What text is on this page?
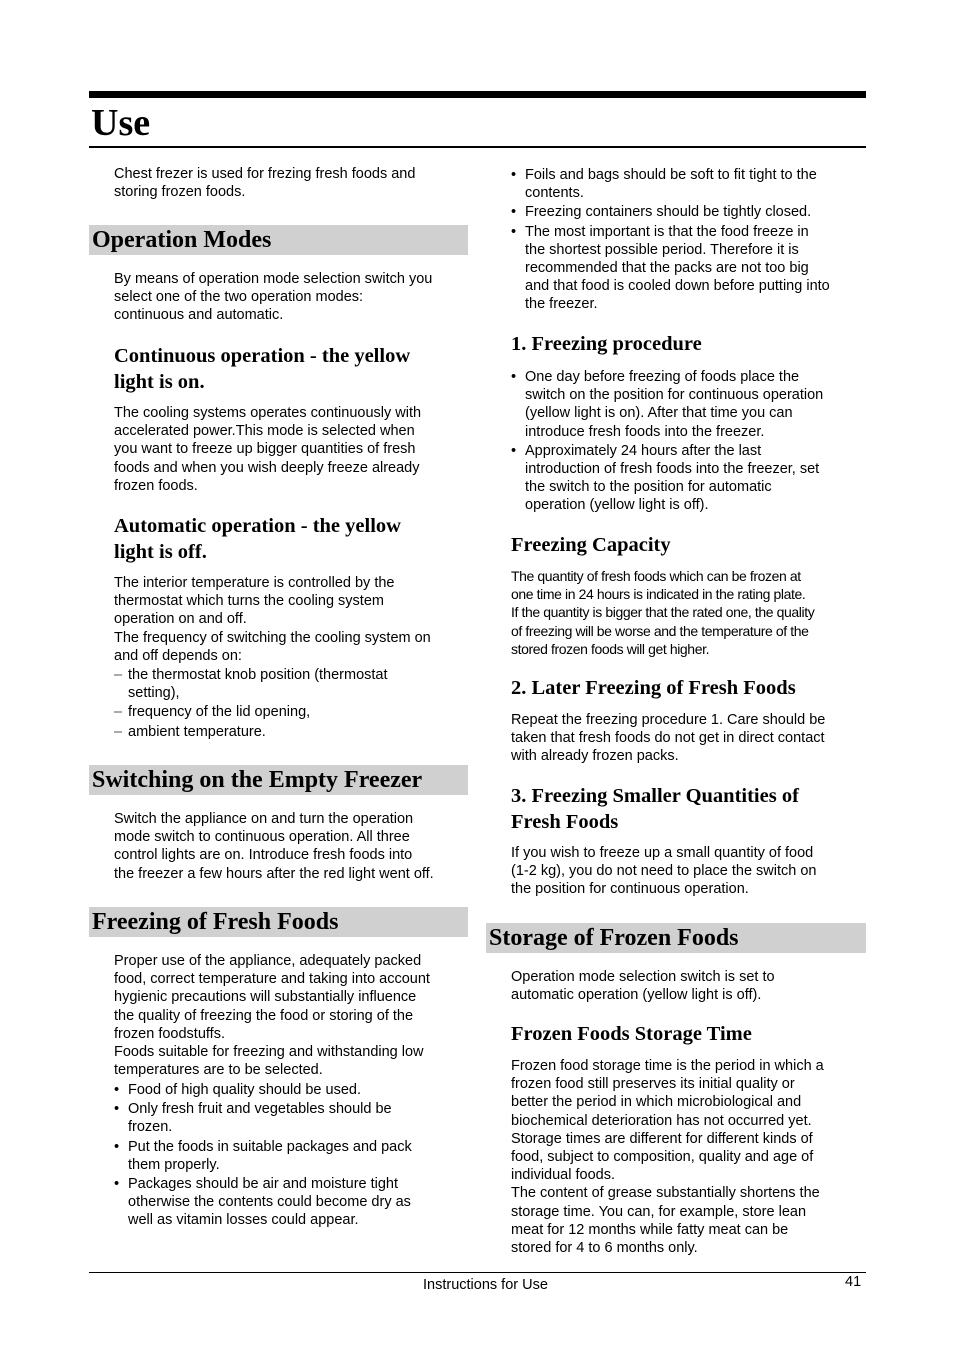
Use

Chest frezer is used for frezing fresh foods and
storing frozen foods.

Operation Modes

By means of operation mode selection switch you
select one of the two operation modes:
continuous and automatic.

Continuous operation - the yellow
light is on.

The cooling systems operates continuously with
accelerated power.This mode is selected when
you want to freeze up bigger quantities of fresh
foods and when you wish deeply freeze already
frozen foods.

Automatic operation - the yellow
light is off.

The interior temperature is controlled by the
thermostat which turns the cooling system
operation on and off.
The frequency of switching the cooling system on
and off depends on:

– the thermostat knob position (thermostat
setting),
– frequency of the lid opening,
– ambient temperature.
Switching on the Empty Freezer

Switch the appliance on and turn the operation
mode switch to continuous operation. All three
control lights are on. Introduce fresh foods into
the freezer a few hours after the red light went off.

Freezing of Fresh Foods

Proper use of the appliance, adequately packed
food, correct temperature and taking into account
hygienic precautions will substantially influence
the quality of freezing the food or storing of the
frozen foodstuffs.
Foods suitable for freezing and withstanding low
temperatures are to be selected.

• Food of high quality should be used.
• Only fresh fruit and vegetables should be
frozen.
• Put the foods in suitable packages and pack
them properly.
• Packages should be air and moisture tight
otherwise the contents could become dry as
well as vitamin losses could appear.
• Foils and bags should be soft to fit tight to the
contents.
• Freezing containers should be tightly closed.
• The most important is that the food freeze in
the shortest possible period. Therefore it is
recommended that the packs are not too big
and that food is cooled down before putting into
the freezer.
1. Freezing procedure
• One day before freezing of foods place the
switch on the position for continuous operation
(yellow light is on). After that time you can
introduce fresh foods into the freezer.
• Approximately 24 hours after the last
introduction of fresh foods into the freezer, set
the switch to the position for automatic
operation (yellow light is off).
Freezing Capacity

The quantity of fresh foods which can be frozen at
one time in 24 hours is indicated in the rating plate.
If the quantity is bigger that the rated one, the quality
of freezing will be worse and the temperature of the
stored frozen foods will get higher.

2. Later Freezing of Fresh Foods

Repeat the freezing procedure 1. Care should be
taken that fresh foods do not get in direct contact
with already frozen packs.

3. Freezing Smaller Quantities of
Fresh Foods

If you wish to freeze up a small quantity of food
(1-2 kg), you do not need to place the switch on
the position for continuous operation.

Storage of Frozen Foods

Operation mode selection switch is set to
automatic operation (yellow light is off).

Frozen Foods Storage Time

Frozen food storage time is the period in which a
frozen food still preserves its initial quality or
better the period in which microbiological and
biochemical deterioration has not occurred yet.
Storage times are different for different kinds of
food, subject to composition, quality and age of
individual foods.
The content of grease substantially shortens the
storage time. You can, for example, store lean
meat for 12 months while fatty meat can be
stored for 4 to 6 months only.

Instructions for Use	41
